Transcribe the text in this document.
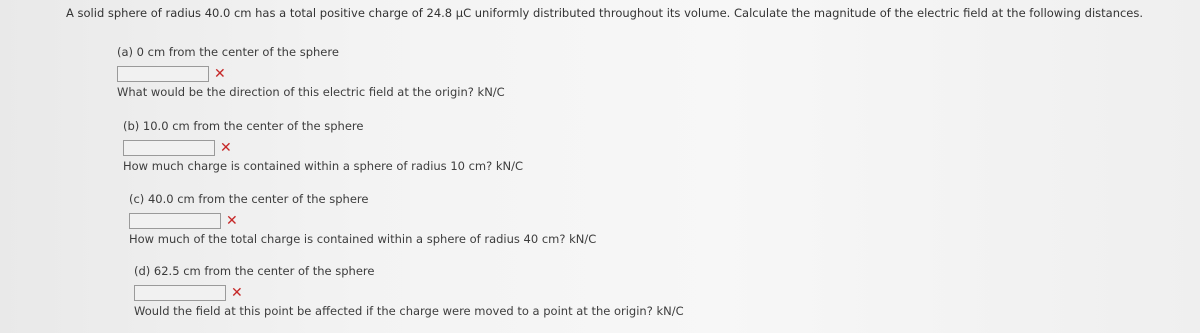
A solid sphere of radius 40.0 cm has a total positive charge of 24.8 μC uniformly distributed throughout its volume. Calculate the magnitude of the electric field at the following distances.
(a) 0 cm from the center of the sphere
✕
What would be the direction of this electric field at the origin? kN/C
(b) 10.0 cm from the center of the sphere
✕
How much charge is contained within a sphere of radius 10 cm? kN/C
(c) 40.0 cm from the center of the sphere
✕
How much of the total charge is contained within a sphere of radius 40 cm? kN/C
(d) 62.5 cm from the center of the sphere
✕
Would the field at this point be affected if the charge were moved to a point at the origin? kN/C
